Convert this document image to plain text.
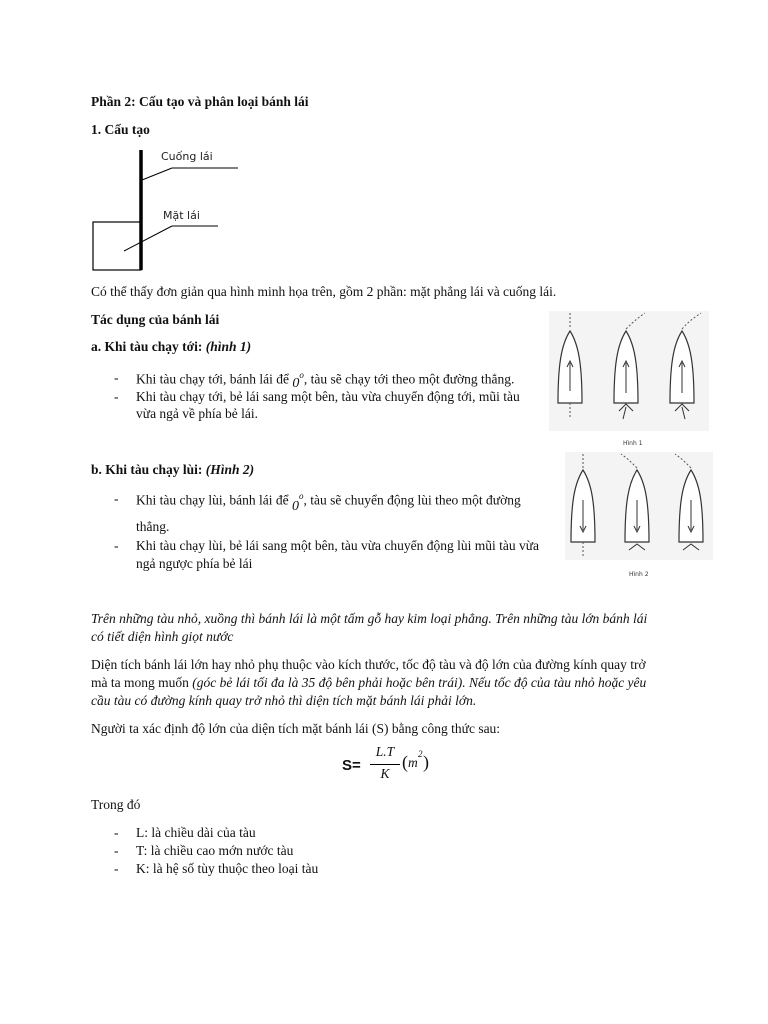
Phần 2: Cấu tạo và phân loại bánh lái
1. Cấu tạo
Cuống lái
Mặt lái
Có thể thấy đơn giản qua hình minh họa trên, gồm 2 phần: mặt phẳng lái và cuống lái.
Tác dụng của bánh lái
a. Khi tàu chạy tới: (hình 1)
- Khi tàu chạy tới, bánh lái để 0$^o$, tàu sẽ chạy tới theo một đường thẳng.
- Khi tàu chạy tới, bẻ lái sang một bên, tàu vừa chuyển động tới, mũi tàu
vừa ngả về phía bẻ lái.
Hình 1
b. Khi tàu chạy lùi: (Hình 2)
- Khi tàu chạy lùi, bánh lái để 0$^o$, tàu sẽ chuyển động lùi theo một đường
thẳng.
- Khi tàu chạy lùi, bẻ lái sang một bên, tàu vừa chuyển động lùi mũi tàu vừa
ngả ngược phía bẻ lái
Hình 2
Trên những tàu nhỏ, xuồng thì bánh lái là một tấm gỗ hay kim loại phẳng. Trên những tàu lớn bánh lái
có tiết diện hình giọt nước
Diện tích bánh lái lớn hay nhỏ phụ thuộc vào kích thước, tốc độ tàu và độ lớn của đường kính quay trở
mà ta mong muốn (góc bẻ lái tối đa là 35 độ bên phải hoặc bên trái). Nếu tốc độ của tàu nhỏ hoặc yêu
cầu tàu có đường kính quay trở nhỏ thì diện tích mặt bánh lái phải lớn.
Người ta xác định độ lớn của diện tích mặt bánh lái (S) bằng công thức sau:
S=
L.T
K
( m
2 )
Trong đó
- L: là chiều dài của tàu
- T: là chiều cao mớn nước tàu
- K: là hệ số tùy thuộc theo loại tàu
